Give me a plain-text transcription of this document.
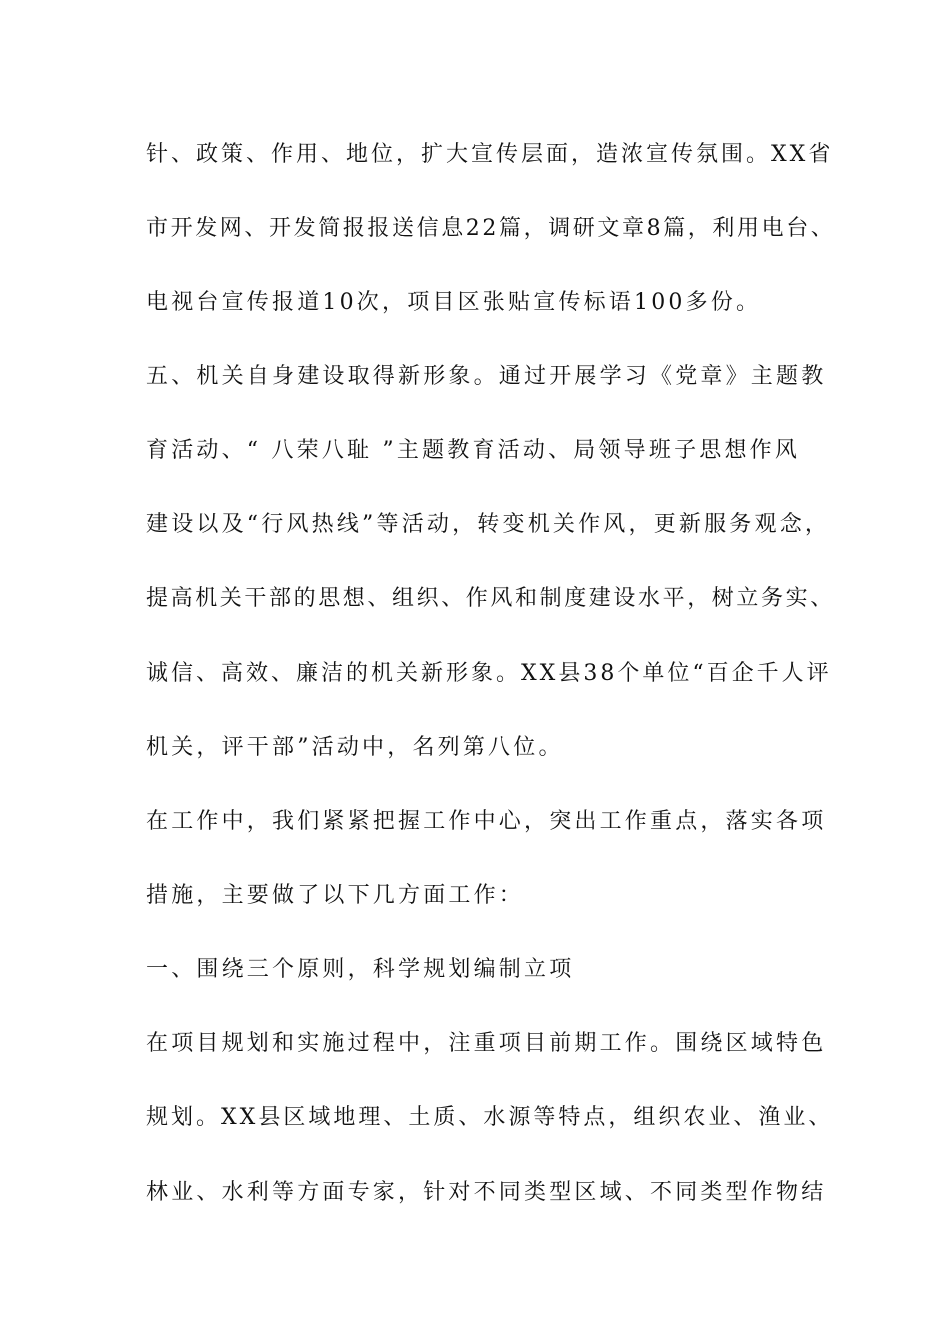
针、政策、作用、地位，扩大宣传层面，造浓宣传氛围。XX省
市开发网、开发简报报送信息22篇，调研文章8篇，利用电台、
电视台宣传报道10次，项目区张贴宣传标语100多份。
五、机关自身建设取得新形象。通过开展学习《党章》主题教
育活动、“ 八荣八耻 ”主题教育活动、局领导班子思想作风
建设以及“行风热线”等活动，转变机关作风，更新服务观念，
提高机关干部的思想、组织、作风和制度建设水平，树立务实、
诚信、高效、廉洁的机关新形象。XX县38个单位“百企千人评
机关，评干部”活动中，名列第八位。
在工作中，我们紧紧把握工作中心，突出工作重点，落实各项
措施，主要做了以下几方面工作：
一、围绕三个原则，科学规划编制立项
在项目规划和实施过程中，注重项目前期工作。围绕区域特色
规划。XX县区域地理、土质、水源等特点，组织农业、渔业、
林业、水利等方面专家，针对不同类型区域、不同类型作物结
